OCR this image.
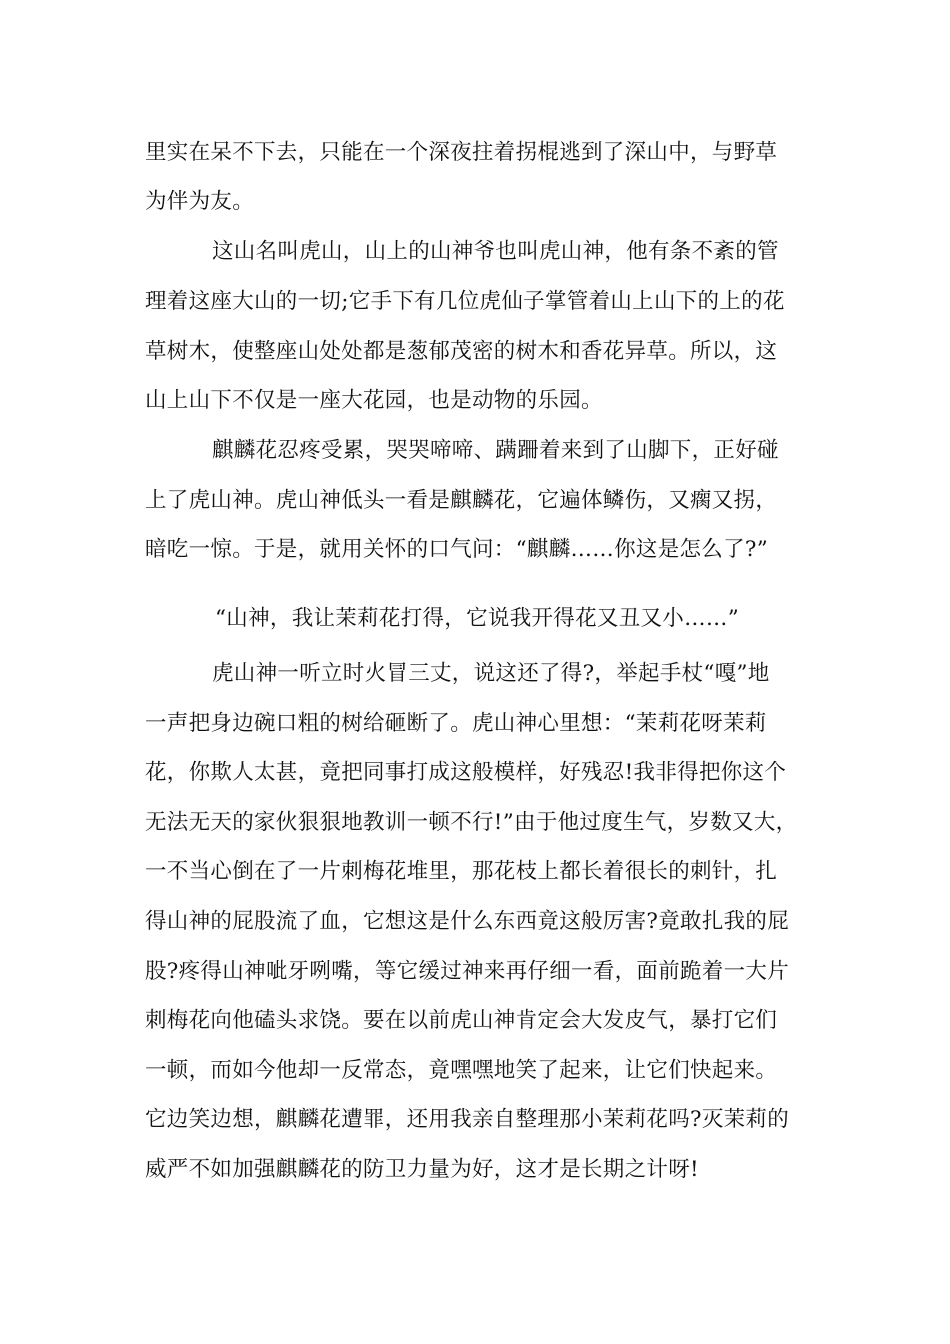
里实在呆不下去，只能在一个深夜拄着拐棍逃到了深山中，与野草
为伴为友。
这山名叫虎山，山上的山神爷也叫虎山神，他有条不紊的管
理着这座大山的一切;它手下有几位虎仙子掌管着山上山下的上的花
草树木，使整座山处处都是葱郁茂密的树木和香花异草。所以，这
山上山下不仅是一座大花园，也是动物的乐园。
麒麟花忍疼受累，哭哭啼啼、蹒跚着来到了山脚下，正好碰
上了虎山神。虎山神低头一看是麒麟花，它遍体鳞伤，又瘸又拐，
暗吃一惊。于是，就用关怀的口气问：“麒麟……你这是怎么了?”
“山神，我让茉莉花打得，它说我开得花又丑又小……”
虎山神一听立时火冒三丈，说这还了得?，举起手杖“嘎”地
一声把身边碗口粗的树给砸断了。虎山神心里想：“茉莉花呀茉莉
花，你欺人太甚，竟把同事打成这般模样，好残忍!我非得把你这个
无法无天的家伙狠狠地教训一顿不行!”由于他过度生气，岁数又大，
一不当心倒在了一片刺梅花堆里，那花枝上都长着很长的刺针，扎
得山神的屁股流了血，它想这是什么东西竟这般厉害?竟敢扎我的屁
股?疼得山神呲牙咧嘴，等它缓过神来再仔细一看，面前跪着一大片
刺梅花向他磕头求饶。要在以前虎山神肯定会大发皮气，暴打它们
一顿，而如今他却一反常态，竟嘿嘿地笑了起来，让它们快起来。
它边笑边想，麒麟花遭罪，还用我亲自整理那小茉莉花吗?灭茉莉的
威严不如加强麒麟花的防卫力量为好，这才是长期之计呀!
